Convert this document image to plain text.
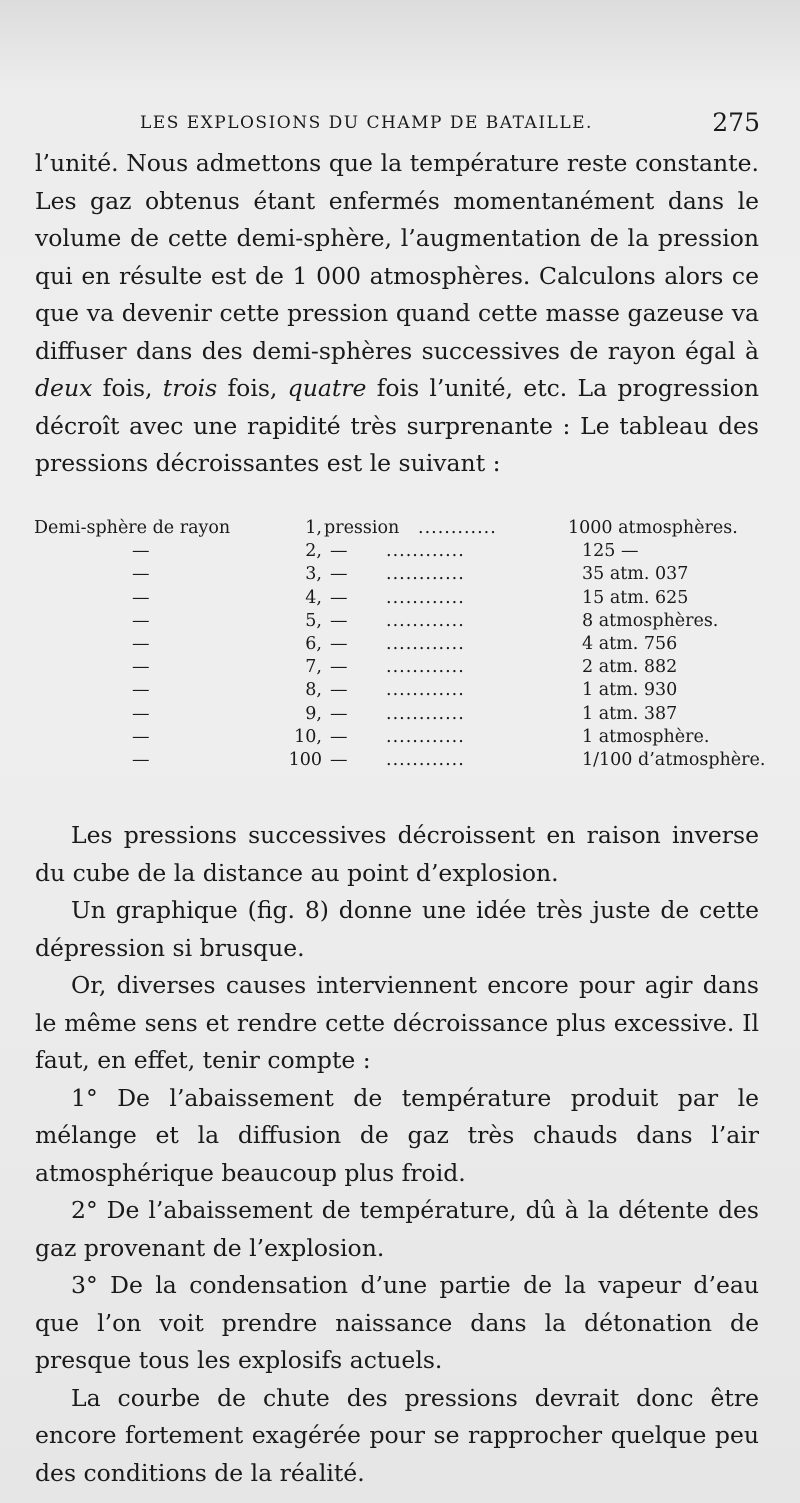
LES EXPLOSIONS DU CHAMP DE BATAILLE.	275

l’unité. Nous admettons que la température reste constante. Les gaz obtenus étant enfermés momentanément dans le volume de cette demi-sphère, l’augmentation de la pression qui en résulte est de 1 000 atmosphères. Calculons alors ce que va devenir cette pression quand cette masse gazeuse va diffuser dans des demi-sphères successives de rayon égal à deux fois, trois fois, quatre fois l’unité, etc. La progression décroît avec une rapidité très surprenante : Le tableau des pressions décroissantes est le suivant :

Demi-sphère de rayon	1, pression ............	1000 atmosphères.
—	2, — ............	125 —
—	3, — ............	35 atm. 037
—	4, — ............	15 atm. 625
—	5, — ............	8 atmosphères.
—	6, — ............	4 atm. 756
—	7, — ............	2 atm. 882
—	8, — ............	1 atm. 930
—	9, — ............	1 atm. 387
—	10, — ............	1 atmosphère.
—	100 — ............	1/100 d’atmosphère.

Les pressions successives décroissent en raison inverse du cube de la distance au point d’explosion.

Un graphique (fig. 8) donne une idée très juste de cette dépression si brusque.

Or, diverses causes interviennent encore pour agir dans le même sens et rendre cette décroissance plus excessive. Il faut, en effet, tenir compte :

1° De l’abaissement de température produit par le mélange et la diffusion de gaz très chauds dans l’air atmosphérique beaucoup plus froid.

2° De l’abaissement de température, dû à la détente des gaz provenant de l’explosion.

3° De la condensation d’une partie de la vapeur d’eau que l’on voit prendre naissance dans la détonation de presque tous les explosifs actuels.

La courbe de chute des pressions devrait donc être encore fortement exagérée pour se rapprocher quelque peu des conditions de la réalité.
